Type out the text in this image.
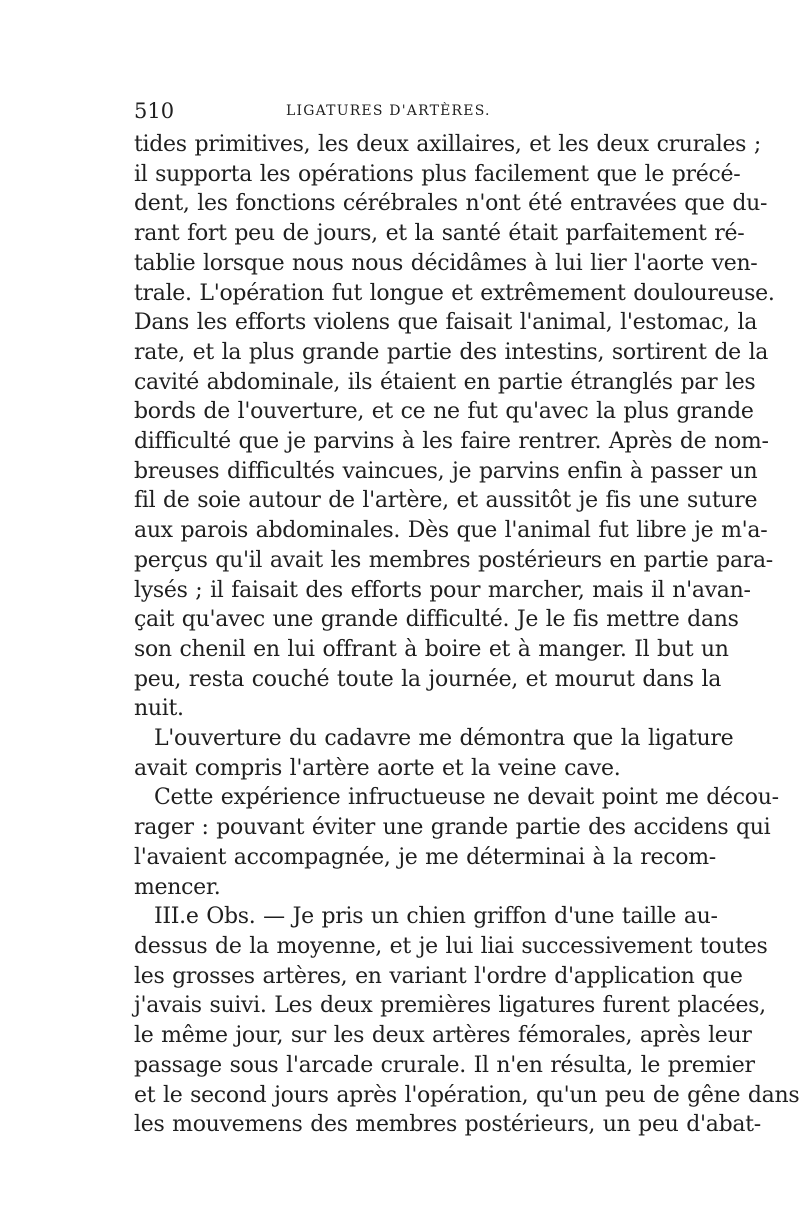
510	LIGATURES D'ARTÈRES.
tides primitives, les deux axillaires, et les deux crurales ;
il supporta les opérations plus facilement que le précé-
dent, les fonctions cérébrales n'ont été entravées que du-
rant fort peu de jours, et la santé était parfaitement ré-
tablie lorsque nous nous décidâmes à lui lier l'aorte ven-
trale. L'opération fut longue et extrêmement douloureuse.
Dans les efforts violens que faisait l'animal, l'estomac, la
rate, et la plus grande partie des intestins, sortirent de la
cavité abdominale, ils étaient en partie étranglés par les
bords de l'ouverture, et ce ne fut qu'avec la plus grande
difficulté que je parvins à les faire rentrer. Après de nom-
breuses difficultés vaincues, je parvins enfin à passer un
fil de soie autour de l'artère, et aussitôt je fis une suture
aux parois abdominales. Dès que l'animal fut libre je m'a-
perçus qu'il avait les membres postérieurs en partie para-
lysés ; il faisait des efforts pour marcher, mais il n'avan-
çait qu'avec une grande difficulté. Je le fis mettre dans
son chenil en lui offrant à boire et à manger. Il but un
peu, resta couché toute la journée, et mourut dans la
nuit.
L'ouverture du cadavre me démontra que la ligature
avait compris l'artère aorte et la veine cave.
Cette expérience infructueuse ne devait point me décou-
rager : pouvant éviter une grande partie des accidens qui
l'avaient accompagnée, je me déterminai à la recom-
mencer.
III.e Obs. — Je pris un chien griffon d'une taille au-
dessus de la moyenne, et je lui liai successivement toutes
les grosses artères, en variant l'ordre d'application que
j'avais suivi. Les deux premières ligatures furent placées,
le même jour, sur les deux artères fémorales, après leur
passage sous l'arcade crurale. Il n'en résulta, le premier
et le second jours après l'opération, qu'un peu de gêne dans
les mouvemens des membres postérieurs, un peu d'abat-
